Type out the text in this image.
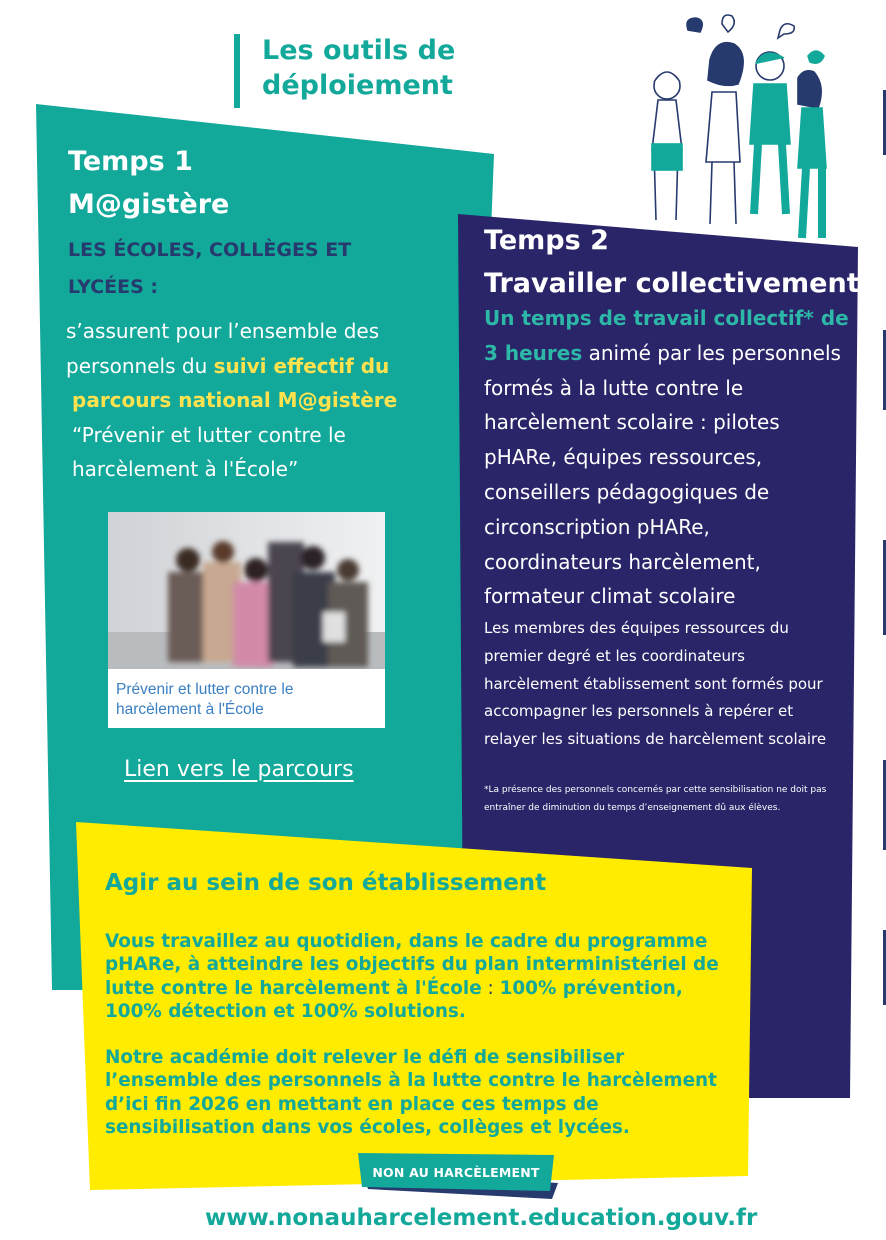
Les outils de
déploiement
Temps 1
M@gistère
LES ÉCOLES, COLLÈGES ET LYCÉES :
s’assurent pour l’ensemble des personnels du suivi effectif du
parcours national M@gistère
“Prévenir et lutter contre le
harcèlement à l'École”
Prévenir et lutter contre le harcèlement à l'École
Lien vers le parcours
Temps 2
Travailler collectivement
Un temps de travail collectif* de 3 heures animé par les personnels formés à la lutte contre le harcèlement scolaire : pilotes pHARe, équipes ressources, conseillers pédagogiques de circonscription pHARe, coordinateurs harcèlement, formateur climat scolaire
Les membres des équipes ressources du premier degré et les coordinateurs harcèlement établissement sont formés pour accompagner les personnels à repérer et relayer les situations de harcèlement scolaire
*La présence des personnels concernés par cette sensibilisation ne doit pas entraîner de diminution du temps d’enseignement dû aux élèves.
Agir au sein de son établissement
Vous travaillez au quotidien, dans le cadre du programme pHARe, à atteindre les objectifs du plan interministériel de lutte contre le harcèlement à l'École : 100% prévention, 100% détection et 100% solutions.
Notre académie doit relever le défi de sensibiliser l’ensemble des personnels à la lutte contre le harcèlement d’ici fin 2026 en mettant en place ces temps de sensibilisation dans vos écoles, collèges et lycées.
NON AU HARCÈLEMENT
www.nonauharcelement.education.gouv.fr
